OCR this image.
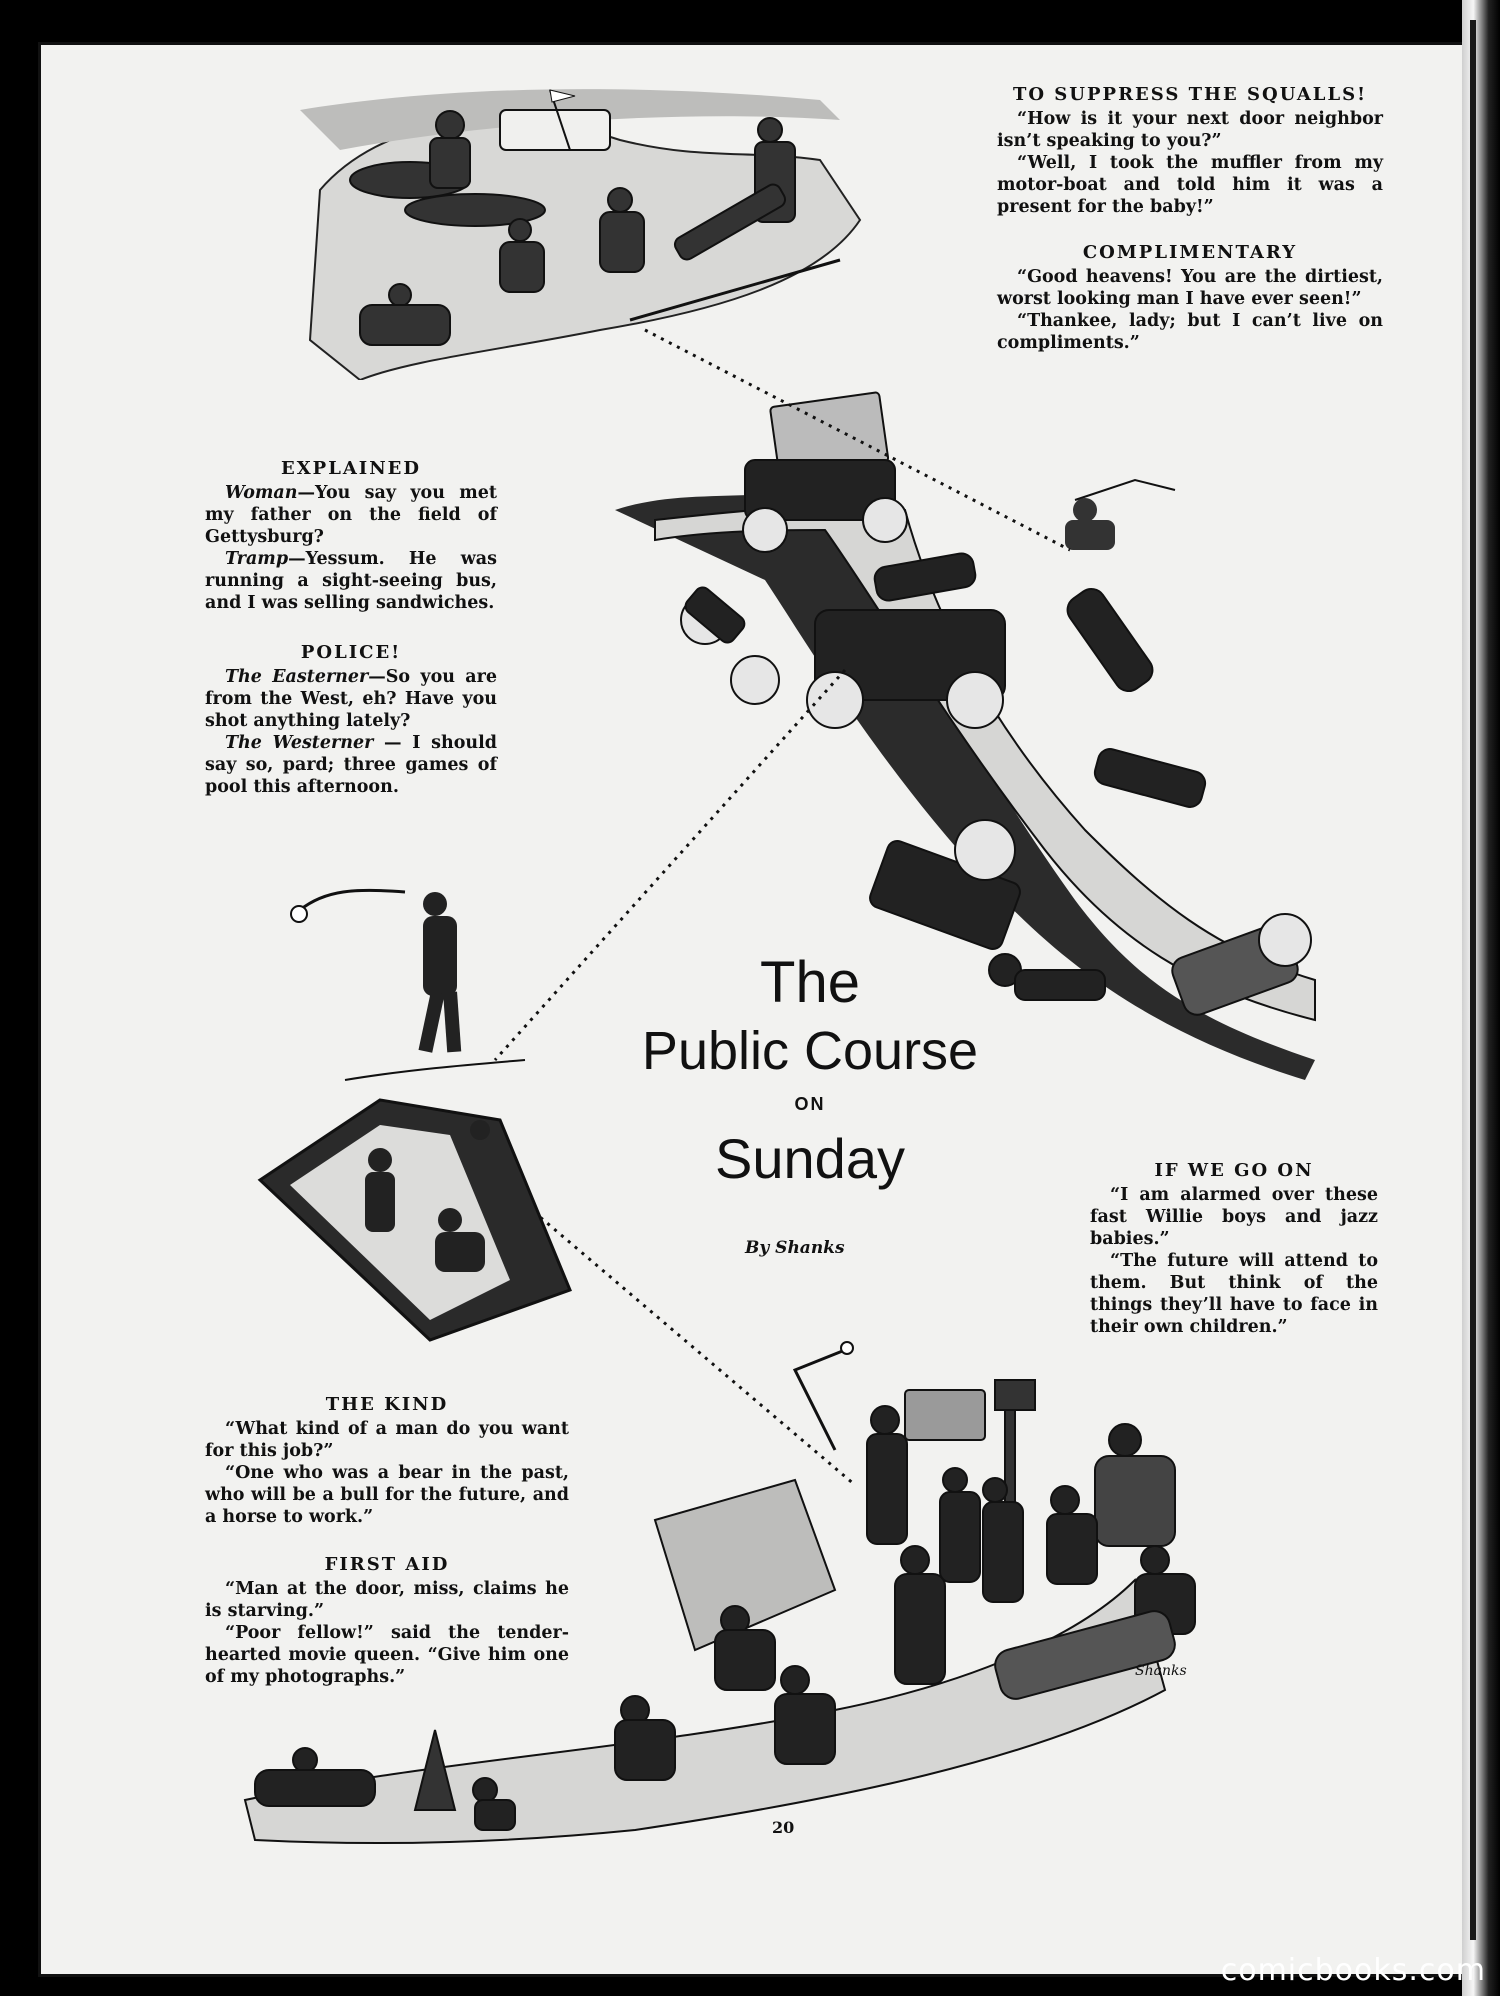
Shanks
TO SUPPRESS THE SQUALLS!

“How is it your next door neighbor isn’t speaking to you?”

“Well, I took the muffler from my motor-boat and told him it was a present for the baby!”

COMPLIMENTARY

“Good heavens! You are the dirtiest, worst looking man I have ever seen!”

“Thankee, lady; but I can’t live on compliments.”

EXPLAINED

Woman—You say you met my father on the field of Gettysburg?

Tramp—Yessum. He was running a sight-seeing bus, and I was selling sandwiches.

POLICE!

The Easterner—So you are from the West, eh? Have you shot anything lately?

The Westerner — I should say so, pard; three games of pool this afternoon.

The
Public Course
ON
Sunday
By Shanks
IF WE GO ON

“I am alarmed over these fast Willie boys and jazz babies.”

“The future will attend to them. But think of the things they’ll have to face in their own children.”

THE KIND

“What kind of a man do you want for this job?”

“One who was a bear in the past, who will be a bull for the future, and a horse to work.”

FIRST AID

“Man at the door, miss, claims he is starving.”

“Poor fellow!” said the tender-hearted movie queen. “Give him one of my photographs.”

20
comicbooks.com
